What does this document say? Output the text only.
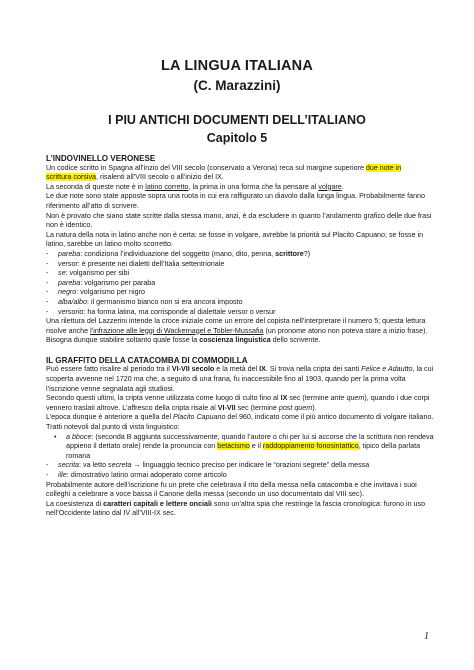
LA LINGUA ITALIANA
(C. Marazzini)
I PIU ANTICHI DOCUMENTI DELL’ITALIANO
Capitolo 5

L’INDOVINELLO VERONESE

Un codice scritto in Spagna all’inzio del VIII secolo (conservato a Verona) reca sul margine superiore due note in
scrittura corsiva, risalenti all’VIII secolo o all’inizio del IX.

La seconda di queste note è in latino corretto, la prima in una forma che fa pensare al volgare.

Le due note sono state apposte sopra una ruota in cui era raffigurato un diavolo dalla lunga lingua. Probabilmente fanno riferimento all’atto di scrivere.

Non è provato che siano state scritte dalla stessa mano, anzi, è da escludere in quanto l’andamento grafico delle due frasi non è identico.

La natura della nota in latino anche non è certa: se fosse in volgare, avrebbe la priorità sul Placito Capuano; se fosse in latino, sarebbe un latino molto scorretto.

- pareba: condiziona l’individuazione del soggetto (mano, dito, penna, scrittore?)

- versor: è presente nei dialetti dell’Italia settentrionale

- se: volgarismo per sibi

- pareba: volgarismo per paraba

- negro: volgarismo per nigro

- alba/albo: il germanismo bianco non si era ancora imposto

- versorio: ha forma latina, ma corrisponde al dialettale versor o versur

Una rilettura del Lazzerini intende la croce iniziale come un errore del copista nell’interpretare il numero 5; questa lettura risolve anche l’infrazione alle leggi di Wackernagel e Tobler-Mussafia (un pronome atono non poteva stare a inizio frase).

Bisogna dunque stabilire soltanto quale fosse la coscienza linguistica dello scrivente.

IL GRAFFITO DELLA CATACOMBA DI COMMODILLA

Può essere fatto risalire al periodo tra il VI-VII secolo e la metà del IX. Si trova nella cripta dei santi Felice e Adautto, la cui scoperta avvenne nel 1720 ma che, a seguito di una frana, fu inaccessibile fino al 1903, quando per la prima volta l’iscrizione venne segnalata agli studiosi.

Secondo questi ultimi, la cripta venne utilizzata come luogo di culto fino al IX sec (termine ante quem), quando i due corpi vennero traslati altrove. L’affresco della cripta risale al VI-VII sec (termine post quem).

L’epoca dunque è anteriore a quella del Placito Capuano del 960, indicato come il più antico documento di volgare italiano.

Tratti notevoli dal punto di vista linguistico:

• a bboce: (seconda B aggiunta successivamente, quando l’autore o chi per lui si accorse che la scrittura non rendeva appieno il dettato orale) rende la pronuncia con betacismo e il raddoppiamento fonosintattico, tipico della parlata romana

- secrita: va letto secreta → linguaggio tecnico preciso per indicare le “orazioni segrete” della messa

- ille: dimostrativo latino ormai adoperato come articolo

Probabilmente autore dell’iscrizione fu un prete che celebrava il rito della messa nella catacomba e che invitava i suoi colleghi a celebrare a voce bassa il Canone della messa (secondo un uso documentato dal VIII sec).

La coesistenza di caratteri capitali e lettere onciali sono un’altra spia che restringe la fascia cronologica: furono in uso nell’Occidente latino dal IV all’VIII-IX sec.

1
